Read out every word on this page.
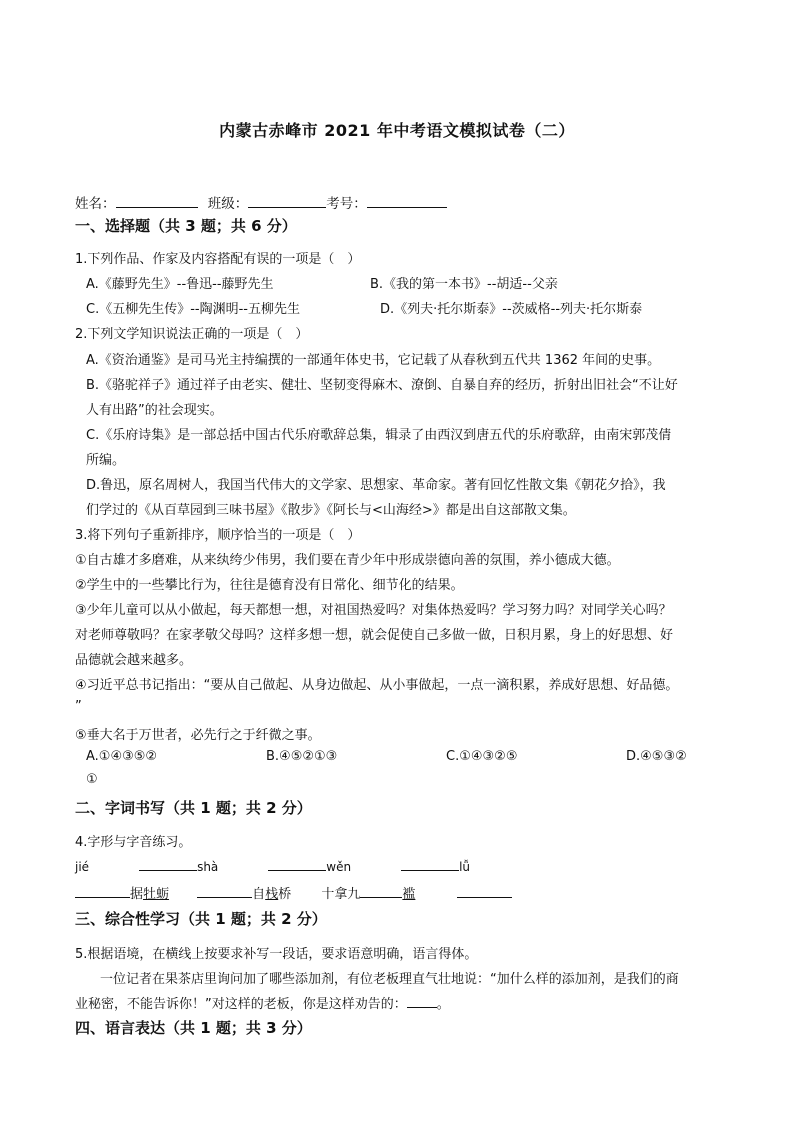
内蒙古赤峰市 2021 年中考语文模拟试卷（二）
姓名：	班级：	考号：
一、选择题（共 3 题；共 6 分）
1.下列作品、作家及内容搭配有误的一项是（　）
A.《藤野先生》--鲁迅--藤野先生	B.《我的第一本书》--胡适--父亲
C.《五柳先生传》--陶渊明--五柳先生	D.《列夫·托尔斯泰》--茨威格--列夫·托尔斯泰
2.下列文学知识说法正确的一项是（　）
A.《资治通鉴》是司马光主持编撰的一部通年体史书，它记载了从春秋到五代共 1362 年间的史事。
B.《骆驼祥子》通过祥子由老实、健壮、坚韧变得麻木、潦倒、自暴自弃的经历，折射出旧社会“不让好
人有出路”的社会现实。
C.《乐府诗集》是一部总括中国古代乐府歌辞总集，辑录了由西汉到唐五代的乐府歌辞，由南宋郭茂倩
所编。
D.鲁迅，原名周树人，我国当代伟大的文学家、思想家、革命家。著有回忆性散文集《朝花夕拾》，我
们学过的《从百草园到三味书屋》《散步》《阿长与<山海经>》都是出自这部散文集。
3.将下列句子重新排序，顺序恰当的一项是（　）
①自古雄才多磨难，从来纨绔少伟男，我们要在青少年中形成崇德向善的氛围，养小德成大德。
②学生中的一些攀比行为，往往是德育没有日常化、细节化的结果。
③少年儿童可以从小做起，每天都想一想，对祖国热爱吗？对集体热爱吗？学习努力吗？对同学关心吗？
对老师尊敬吗？在家孝敬父母吗？这样多想一想，就会促使自己多做一做，日积月累，身上的好思想、好
品德就会越来越多。
④习近平总书记指出：“要从自己做起、从身边做起、从小事做起，一点一滴积累，养成好思想、好品德。
”
⑤垂大名于万世者，必先行之于纤微之事。
A.①④③⑤②	B.④⑤②①③	C.①④③②⑤	D.④⑤③②
①
二、字词书写（共 1 题；共 2 分）
4.字形与字音练习。
jié	shà	wěn	lǚ
据牡蛎	自栈桥 十拿九	褴
三、综合性学习（共 1 题；共 2 分）
5.根据语境，在横线上按要求补写一段话，要求语意明确，语言得体。
一位记者在果茶店里询问加了哪些添加剂，有位老板理直气壮地说：“加什么样的添加剂，是我们的商
业秘密，不能告诉你！”对这样的老板，你是这样劝告的： 。
四、语言表达（共 1 题；共 3 分）
